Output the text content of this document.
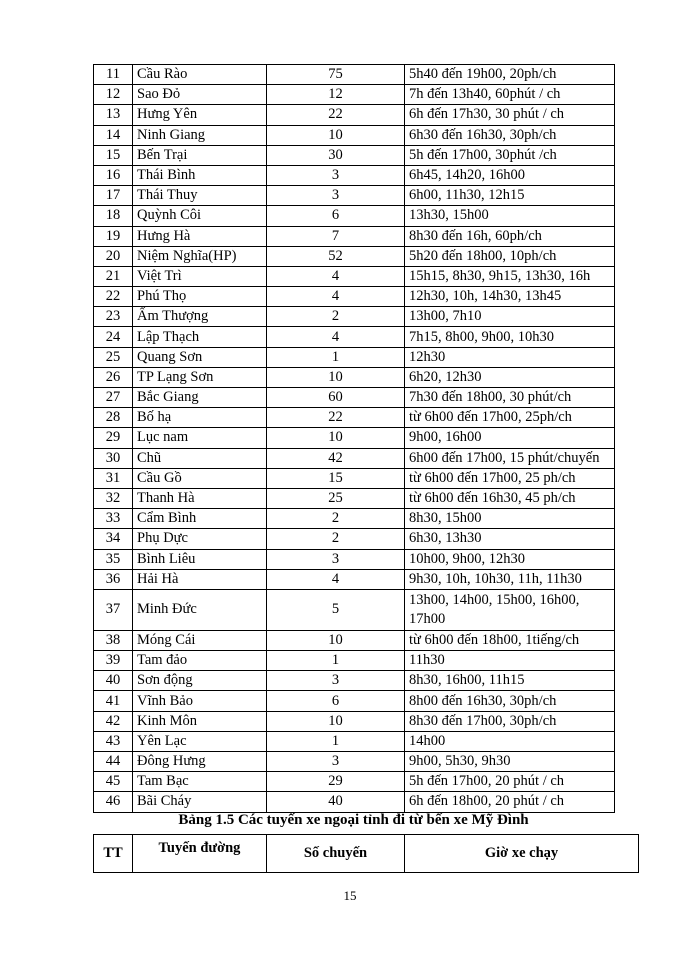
11	Cầu Rào	75	5h40 đến 19h00, 20ph/ch
12	Sao Đỏ	12	7h đến 13h40, 60phút / ch
13	Hưng Yên	22	6h đến 17h30, 30 phút / ch
14	Ninh Giang	10	6h30 đến 16h30, 30ph/ch
15	Bến Trại	30	5h đến 17h00, 30phút /ch
16	Thái Bình	3	6h45, 14h20, 16h00
17	Thái Thuy	3	6h00, 11h30, 12h15
18	Quỳnh Côi	6	13h30, 15h00
19	Hưng Hà	7	8h30 đến 16h, 60ph/ch
20	Niệm Nghĩa(HP)	52	5h20 đến 18h00, 10ph/ch
21	Việt Trì	4	15h15, 8h30, 9h15, 13h30, 16h
22	Phú Thọ	4	12h30, 10h, 14h30, 13h45
23	Ấm Thượng	2	13h00, 7h10
24	Lập Thạch	4	7h15, 8h00, 9h00, 10h30
25	Quang Sơn	1	12h30
26	TP Lạng Sơn	10	6h20, 12h30
27	Bắc Giang	60	7h30 đến 18h00, 30 phút/ch
28	Bố hạ	22	từ 6h00 đến 17h00, 25ph/ch
29	Lục nam	10	9h00, 16h00
30	Chũ	42	6h00 đến 17h00, 15 phút/chuyến
31	Cầu Gồ	15	từ 6h00 đến 17h00, 25 ph/ch
32	Thanh Hà	25	từ 6h00 đến 16h30, 45 ph/ch
33	Cẩm Bình	2	8h30, 15h00
34	Phụ Dực	2	6h30, 13h30
35	Bình Liêu	3	10h00, 9h00, 12h30
36	Hải Hà	4	9h30, 10h, 10h30, 11h, 11h30
37	Minh Đức	5	13h00, 14h00, 15h00, 16h00, 17h00
38	Móng Cái	10	từ 6h00 đến 18h00, 1tiếng/ch
39	Tam đảo	1	11h30
40	Sơn động	3	8h30, 16h00, 11h15
41	Vĩnh Bảo	6	8h00 đến 16h30, 30ph/ch
42	Kinh Môn	10	8h30 đến 17h00, 30ph/ch
43	Yên Lạc	1	14h00
44	Đông Hưng	3	9h00, 5h30, 9h30
45	Tam Bạc	29	5h đến 17h00, 20 phút / ch
46	Bãi Cháy	40	6h đến 18h00, 20 phút / ch
Bảng 1.5 Các tuyến xe ngoại tỉnh đi từ bến xe Mỹ Đình
TT	Tuyến đường	Số chuyến	Giờ xe chạy
15
